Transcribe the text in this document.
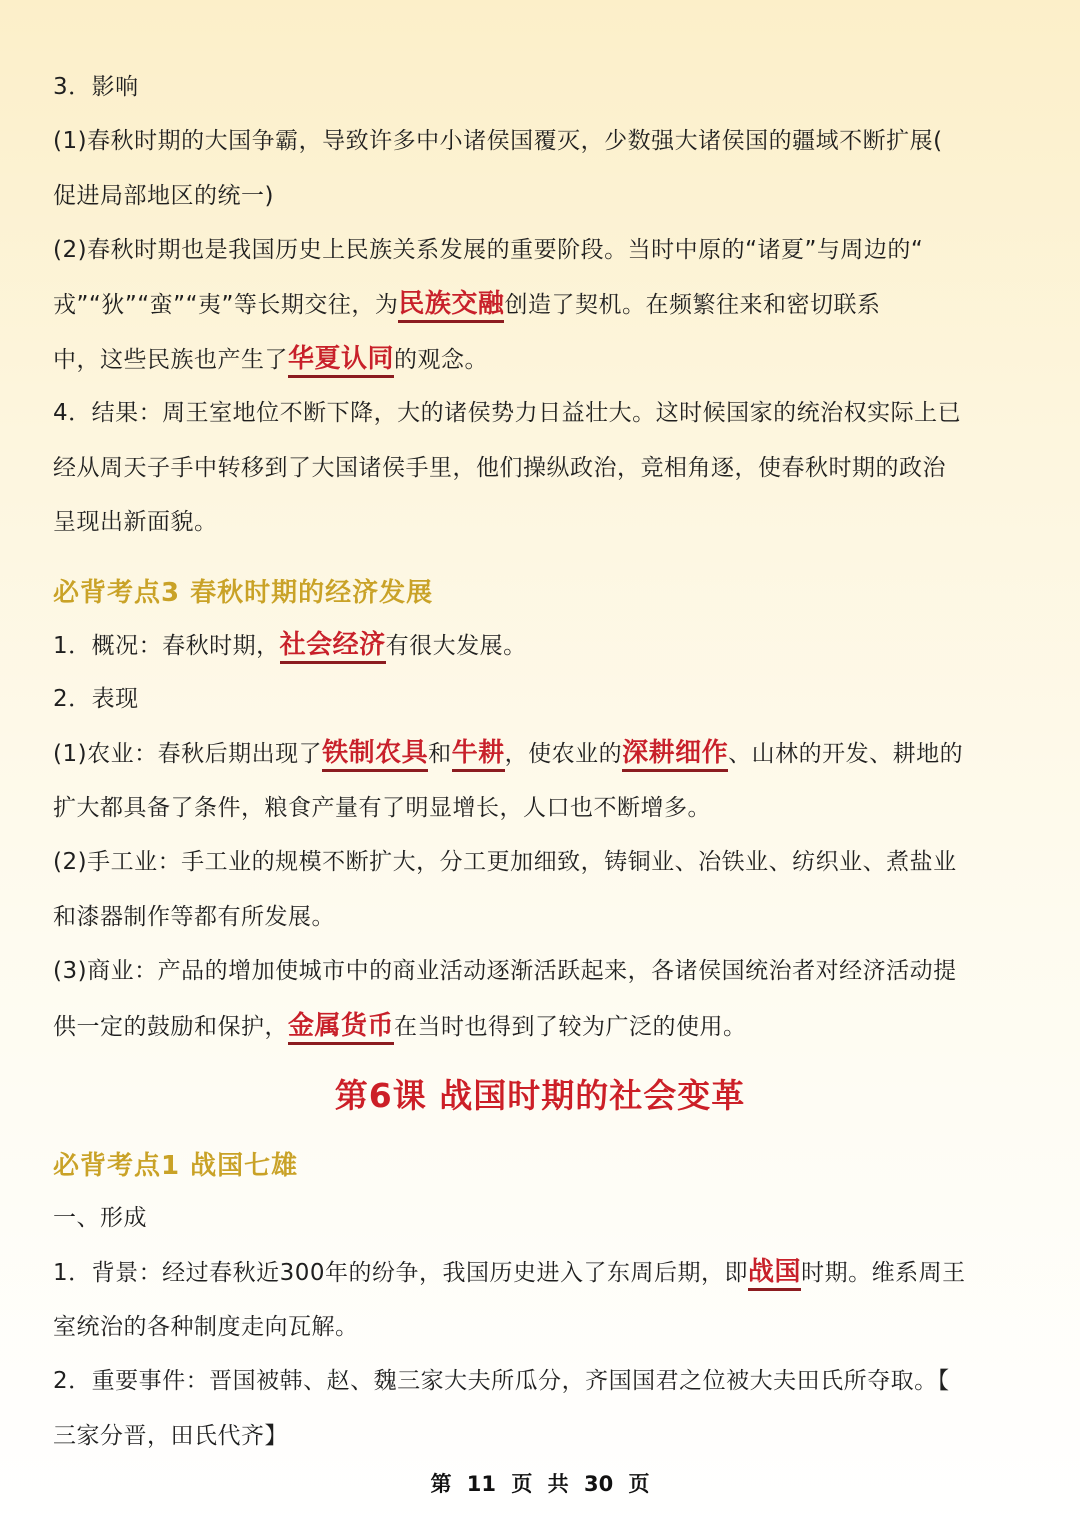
3．影响
(1)春秋时期的大国争霸，导致许多中小诸侯国覆灭，少数强大诸侯国的疆域不断扩展(
促进局部地区的统一)
(2)春秋时期也是我国历史上民族关系发展的重要阶段。当时中原的“诸夏”与周边的“
戎”“狄”“蛮”“夷”等长期交往，为民族交融创造了契机。在频繁往来和密切联系
中，这些民族也产生了华夏认同的观念。
4．结果：周王室地位不断下降，大的诸侯势力日益壮大。这时候国家的统治权实际上已
经从周天子手中转移到了大国诸侯手里，他们操纵政治，竞相角逐，使春秋时期的政治
呈现出新面貌。
必背考点3 春秋时期的经济发展
1．概况：春秋时期，社会经济有很大发展。
2．表现
(1)农业：春秋后期出现了铁制农具和牛耕，使农业的深耕细作、山林的开发、耕地的
扩大都具备了条件，粮食产量有了明显增长，人口也不断增多。
(2)手工业：手工业的规模不断扩大，分工更加细致，铸铜业、冶铁业、纺织业、煮盐业
和漆器制作等都有所发展。
(3)商业：产品的增加使城市中的商业活动逐渐活跃起来，各诸侯国统治者对经济活动提
供一定的鼓励和保护，金属货币在当时也得到了较为广泛的使用。
第6课 战国时期的社会变革
必背考点1 战国七雄
一、形成
1．背景：经过春秋近300年的纷争，我国历史进入了东周后期，即战国时期。维系周王
室统治的各种制度走向瓦解。
2．重要事件：晋国被韩、赵、魏三家大夫所瓜分，齐国国君之位被大夫田氏所夺取。【
三家分晋，田氏代齐】
第 11 页 共 30 页
